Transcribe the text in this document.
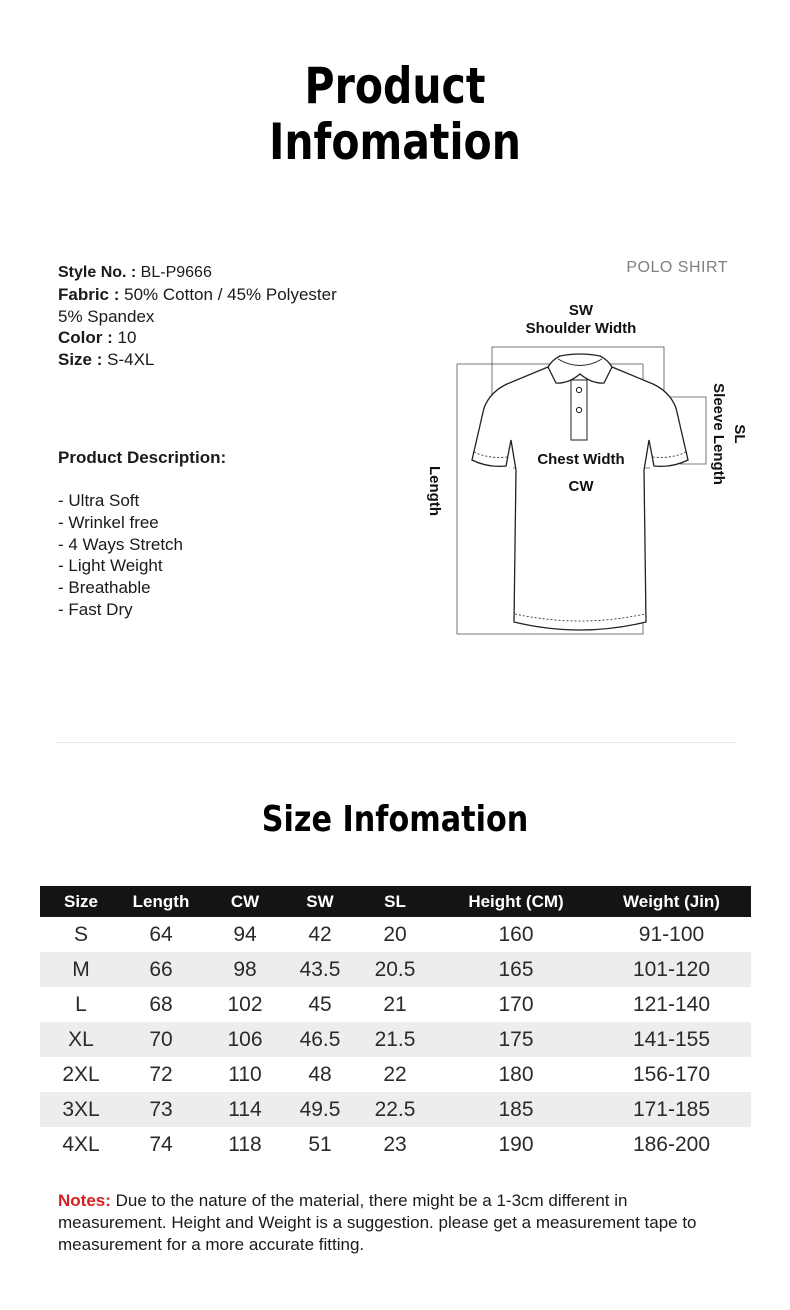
Product
Infomation
Style No. : BL-P9666
Fabric : 50% Cotton / 45% Polyester
5% Spandex
Color : 10
Size : S-4XL
Product Description:
- Ultra Soft
- Wrinkel free
- 4 Ways Stretch
- Light Weight
- Breathable
- Fast Dry
POLO SHIRT
SW
Shoulder Width
Chest Width
CW
Length
Sleeve Length SL
Size Infomation
Size	Length	CW	SW	SL	Height (CM)	Weight (Jin)
S	64	94	42	20	160	91-100
M	66	98	43.5	20.5	165	101-120
L	68	102	45	21	170	121-140
XL	70	106	46.5	21.5	175	141-155
2XL	72	110	48	22	180	156-170
3XL	73	114	49.5	22.5	185	171-185
4XL	74	118	51	23	190	186-200

Notes: Due to the nature of the material, there might be a 1-3cm different in measurement. Height and Weight is a suggestion. please get a measurement tape to measurement for a more accurate fitting.
